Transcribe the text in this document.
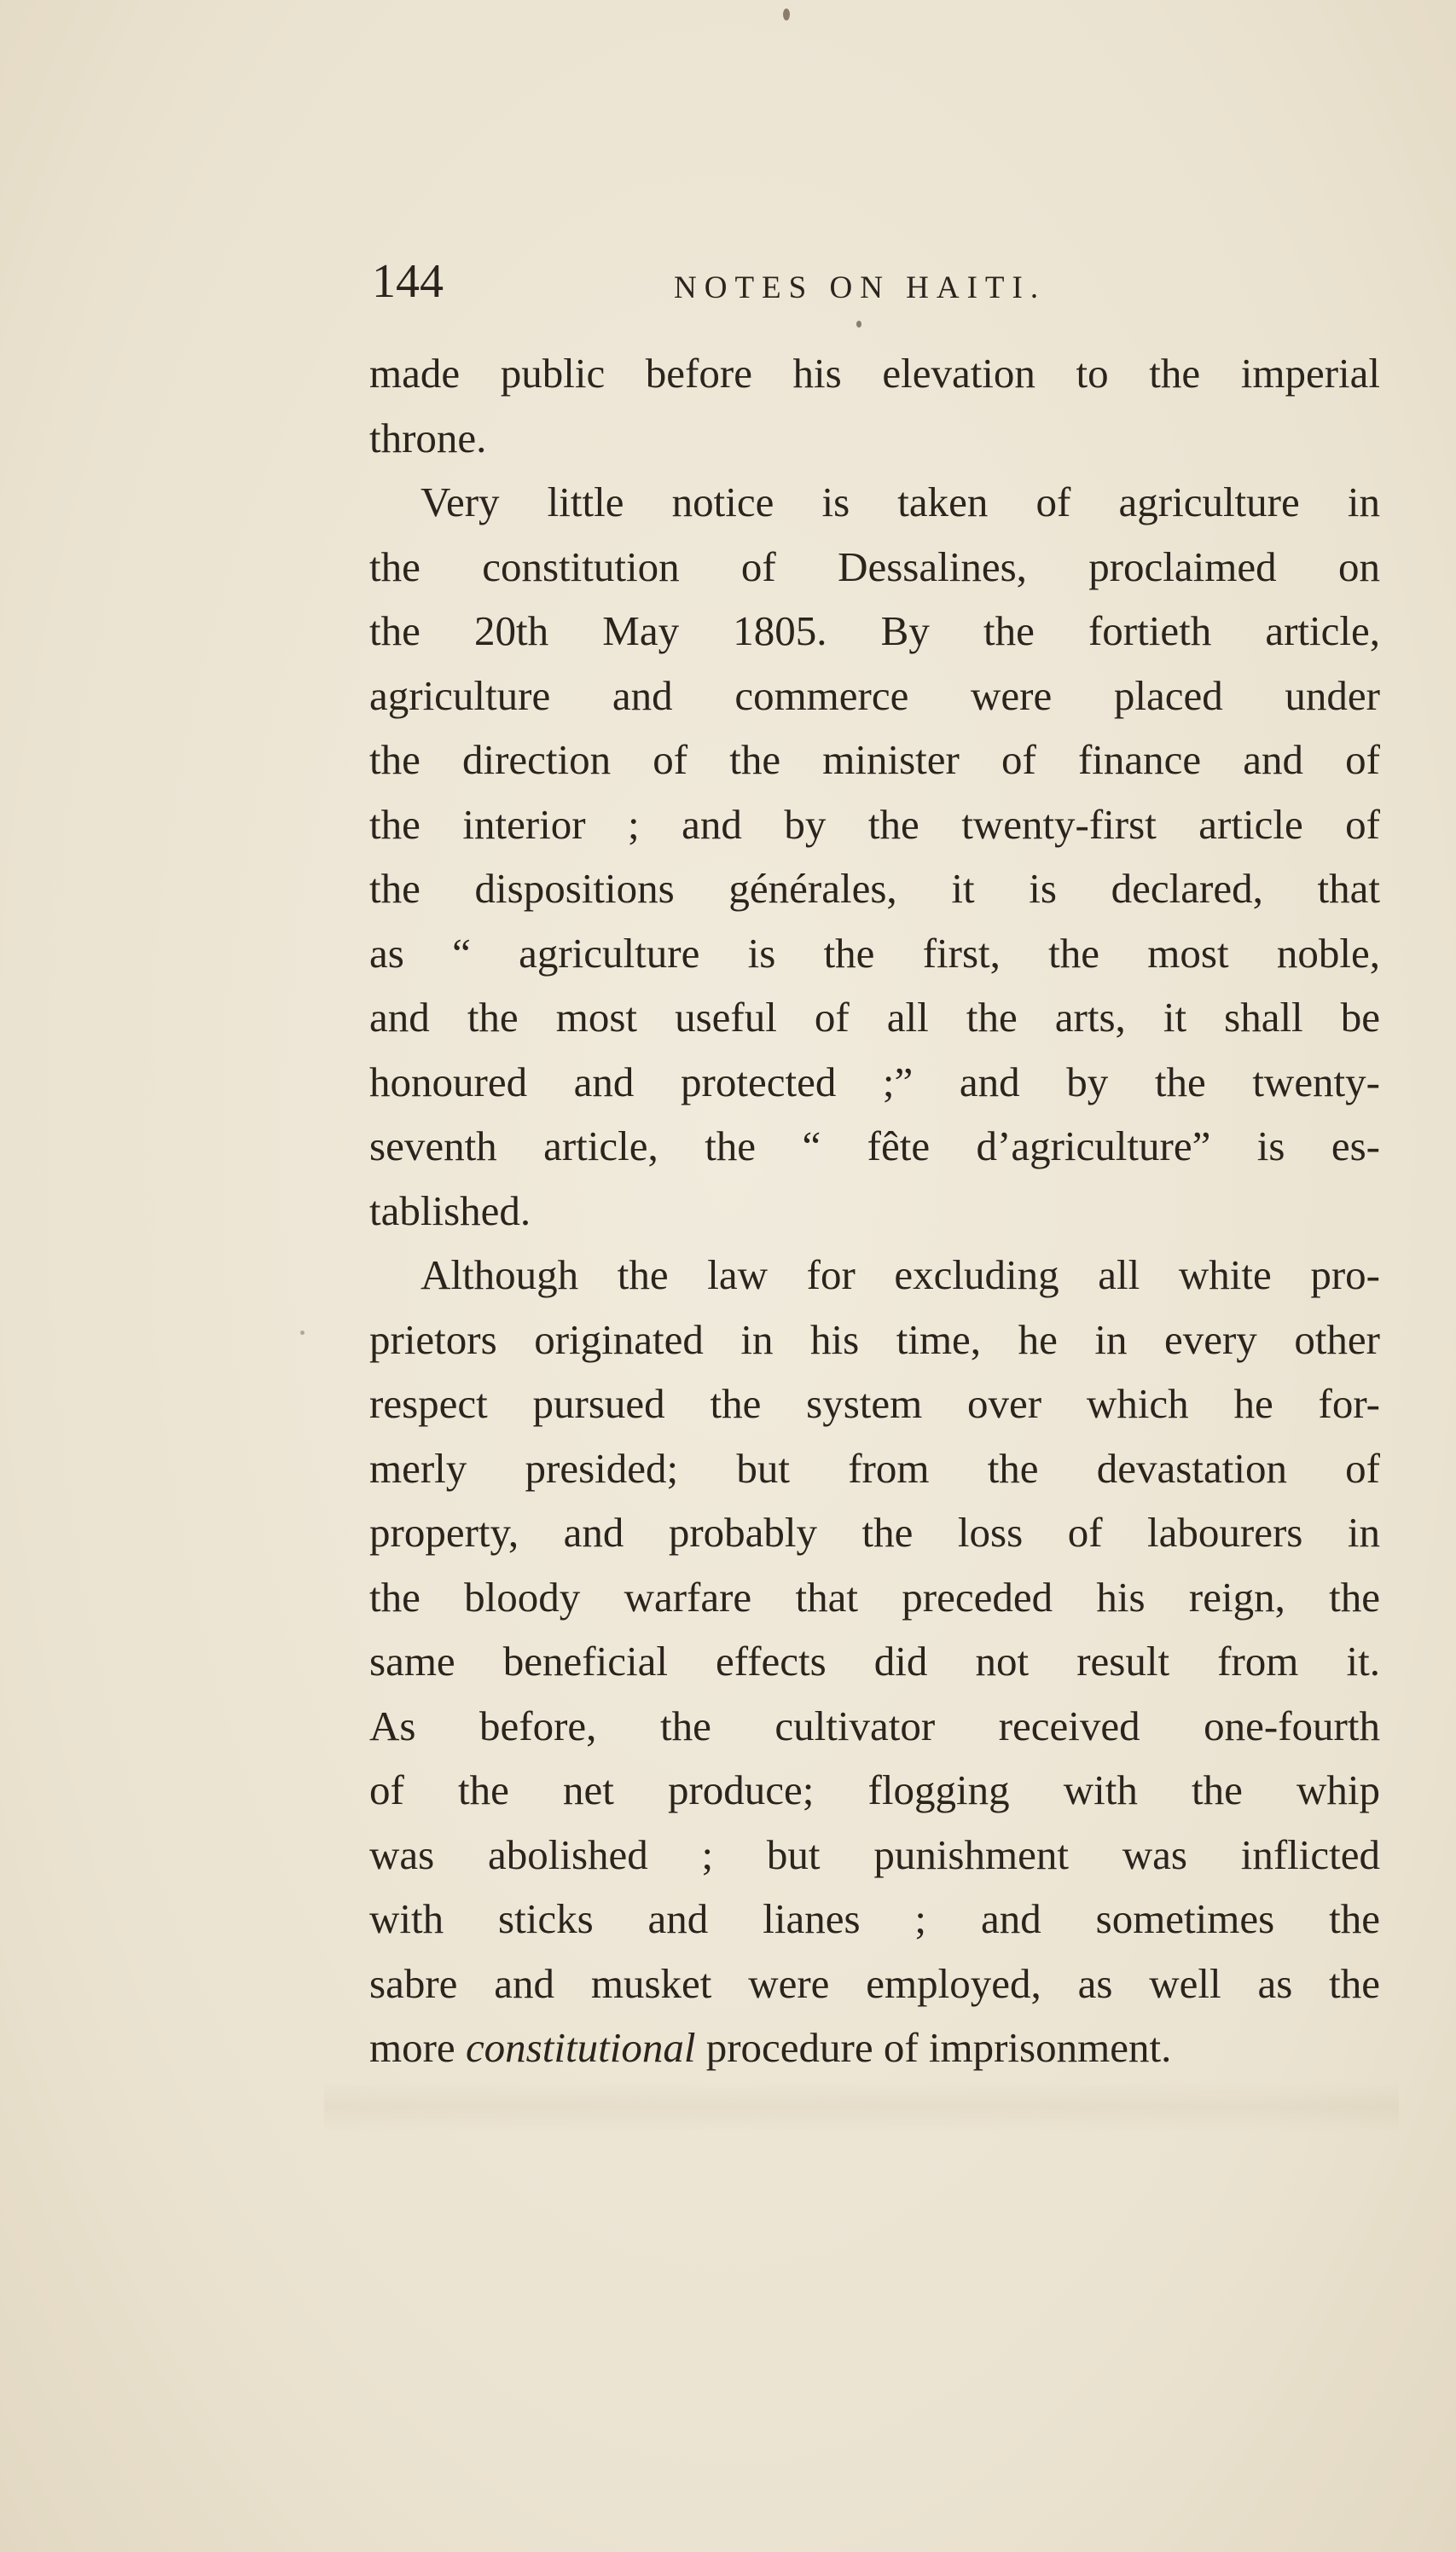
144	NOTES ON HAITI.
made public before his elevation to the imperial
throne.
Very little notice is taken of agriculture in
the constitution of Dessalines, proclaimed on
the 20th May 1805. By the fortieth article,
agriculture and commerce were placed under
the direction of the minister of finance and of
the interior ; and by the twenty-first article of
the dispositions générales, it is declared, that
as “ agriculture is the first, the most noble,
and the most useful of all the arts, it shall be
honoured and protected ;” and by the twenty-
seventh article, the “ fête d’agriculture” is es-
tablished.
Although the law for excluding all white pro-
prietors originated in his time, he in every other
respect pursued the system over which he for-
merly presided; but from the devastation of
property, and probably the loss of labourers in
the bloody warfare that preceded his reign, the
same beneficial effects did not result from it.
As before, the cultivator received one-fourth
of the net produce; flogging with the whip
was abolished ; but punishment was inflicted
with sticks and lianes ; and sometimes the
sabre and musket were employed, as well as the
more constitutional procedure of imprisonment.
